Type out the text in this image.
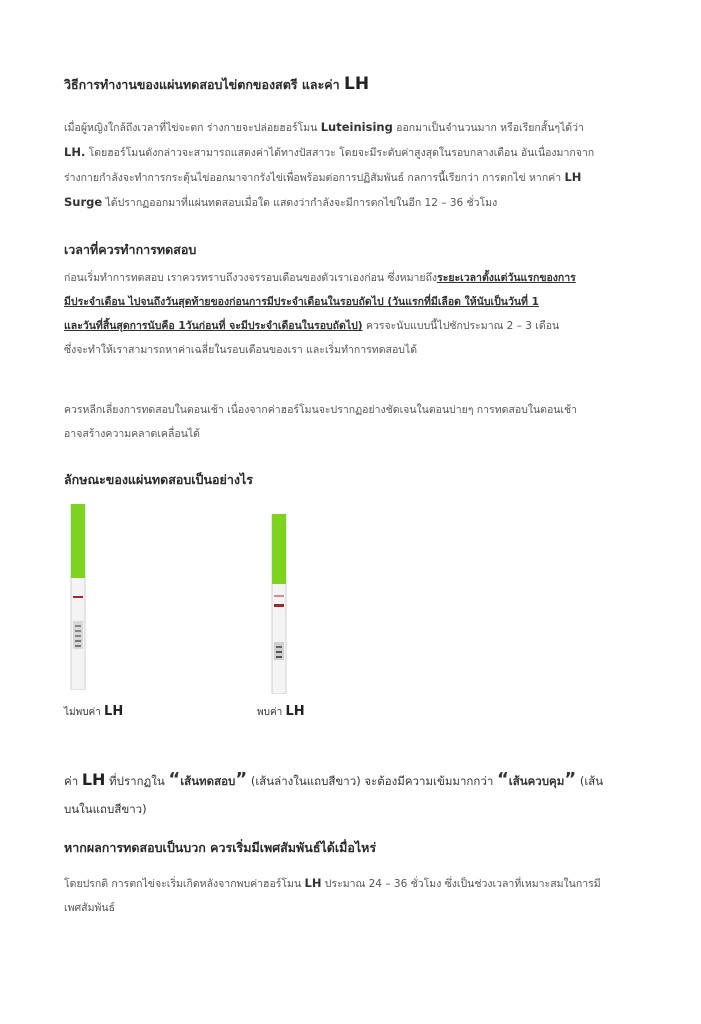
วิธีการทำงานของแผ่นทดสอบไข่ตกของสตรี และค่า LH
เมื่อผู้หญิงใกล้ถึงเวลาที่ไข่จะตก ร่างกายจะปล่อยฮอร์โมน Luteinising ออกมาเป็นจำนวนมาก หรือเรียกสั้นๆได้ว่า
LH. โดยฮอร์โมนดังกล่าวจะสามารถแสดงค่าได้ทางปัสสาวะ โดยจะมีระดับค่าสูงสุดในรอบกลางเดือน อันเนื่องมากจาก
ร่างกายกำลังจะทำการกระตุ้นไข่ออกมาจากรังไข่เพื่อพร้อมต่อการปฏิสัมพันธ์ กลการนี้เรียกว่า การตกไข่ หากค่า LH
Surge ได้ปรากฏออกมาที่แผ่นทดสอบเมื่อใด แสดงว่ากำลังจะมีการตกไข่ในอีก 12 – 36 ชั่วโมง
เวลาที่ควรทำการทดสอบ
ก่อนเริ่มทำการทดสอบ เราควรทราบถึงวงจรรอบเดือนของตัวเราเองก่อน ซึ่งหมายถึงระยะเวลาตั้งแต่วันแรกของการ
มีประจำเดือน ไปจนถึงวันสุดท้ายของก่อนการมีประจำเดือนในรอบถัดไป (วันแรกที่มีเลือด ให้นับเป็นวันที่ 1
และวันที่สิ้นสุดการนับคือ 1วันก่อนที่ จะมีประจำเดือนในรอบถัดไป) ควรจะนับแบบนี้ไปซักประมาณ 2 – 3 เดือน
ซึ่งจะทำให้เราสามารถหาค่าเฉลี่ยในรอบเดือนของเรา และเริ่มทำการทดสอบได้
ควรหลีกเลี่ยงการทดสอบในตอนเช้า เนื่องจากค่าฮอร์โมนจะปรากฏอย่างชัดเจนในตอนบ่ายๆ การทดสอบในตอนเช้า
อาจสร้างความคลาดเคลื่อนได้
ลักษณะของแผ่นทดสอบเป็นอย่างไร
ไม่พบค่า LH	พบค่า LH
ค่า LH ที่ปรากฏใน “เส้นทดสอบ” (เส้นล่างในแถบสีขาว) จะต้องมีความเข้มมากกว่า “เส้นควบคุม” (เส้น
บนในแถบสีขาว)
หากผลการทดสอบเป็นบวก ควรเริ่มมีเพศสัมพันธ์ได้เมื่อไหร่
โดยปรกติ การตกไข่จะเริ่มเกิดหลังจากพบค่าฮอร์โมน LH ประมาณ 24 – 36 ชั่วโมง ซึ่งเป็นช่วงเวลาที่เหมาะสมในการมี
เพศสัมพันธ์
